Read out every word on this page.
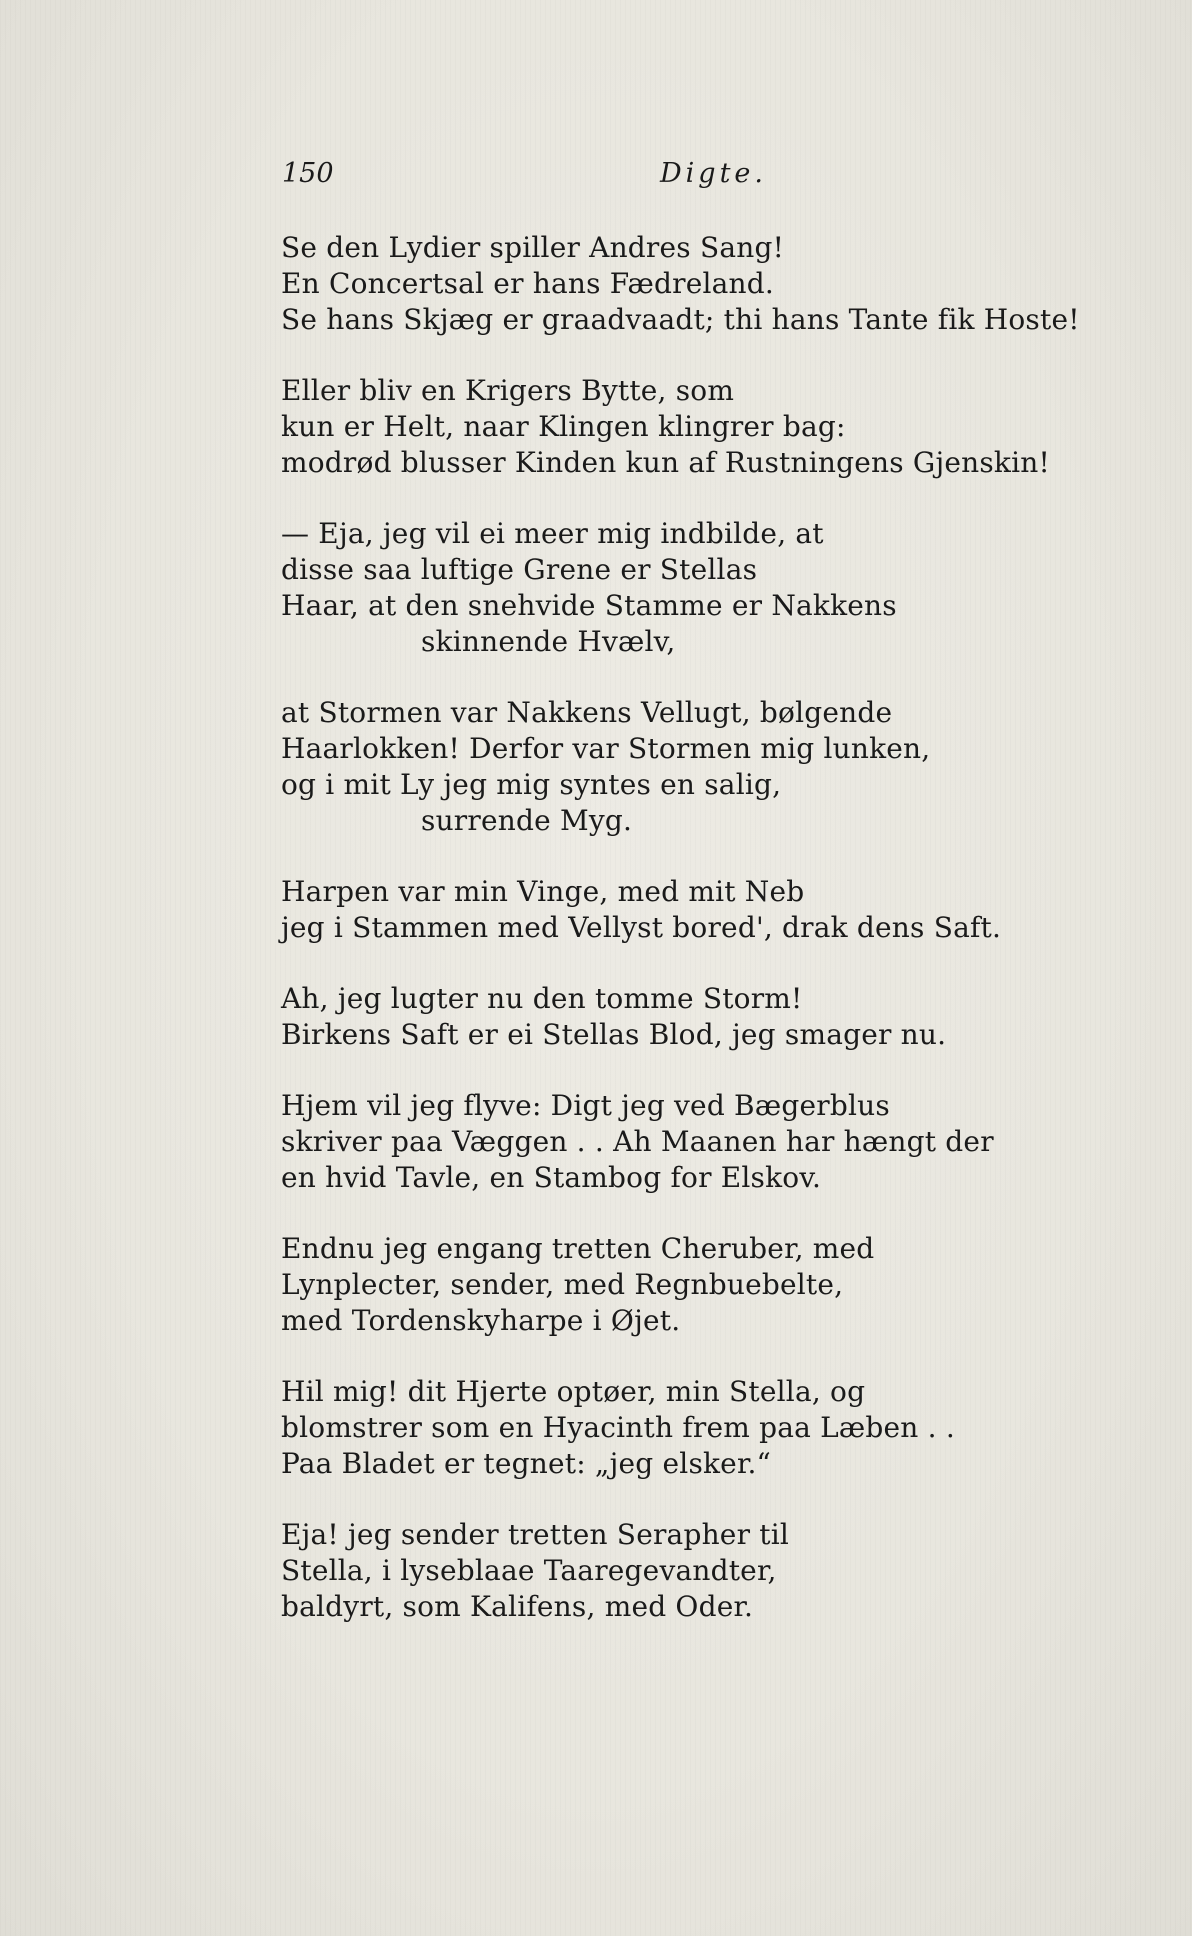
150	Digte.
Se den Lydier spiller Andres Sang!
En Concertsal er hans Fædreland.
Se hans Skjæg er graadvaadt; thi hans Tante fik Hoste!
Eller bliv en Krigers Bytte, som
kun er Helt, naar Klingen klingrer bag:
modrød blusser Kinden kun af Rustningens Gjenskin!
— Eja, jeg vil ei meer mig indbilde, at
disse saa luftige Grene er Stellas
Haar, at den snehvide Stamme er Nakkens
skinnende Hvælv,
at Stormen var Nakkens Vellugt, bølgende
Haarlokken! Derfor var Stormen mig lunken,
og i mit Ly jeg mig syntes en salig,
surrende Myg.
Harpen var min Vinge, med mit Neb
jeg i Stammen med Vellyst bored', drak dens Saft.
Ah, jeg lugter nu den tomme Storm!
Birkens Saft er ei Stellas Blod, jeg smager nu.
Hjem vil jeg flyve: Digt jeg ved Bægerblus
skriver paa Væggen . . Ah Maanen har hængt der
en hvid Tavle, en Stambog for Elskov.
Endnu jeg engang tretten Cheruber, med
Lynplecter, sender, med Regnbuebelte,
med Tordenskyharpe i Øjet.
Hil mig! dit Hjerte optøer, min Stella, og
blomstrer som en Hyacinth frem paa Læben . .
Paa Bladet er tegnet: „jeg elsker.“
Eja! jeg sender tretten Serapher til
Stella, i lyseblaae Taaregevandter,
baldyrt, som Kalifens, med Oder.
